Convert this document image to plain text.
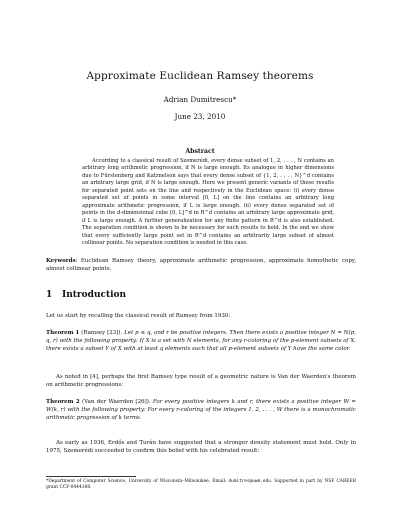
Approximate Euclidean Ramsey theorems
Adrian Dumitrescu*
June 23, 2010
Abstract
According to a classical result of Szemerédi, every dense subset of 1, 2, . . . , N contains an arbitrary long arithmetic progression, if N is large enough. Its analogue in higher dimensions due to Fürstenberg and Katznelson says that every dense subset of {1, 2, . . . , N}^d contains an arbitrary large grid, if N is large enough. Here we present generic variants of these results for separated point sets on the line and respectively in the Euclidean space: (i) every dense separated set of points in some interval [0, L] on the line contains an arbitrary long approximate arithmetic progression, if L is large enough. (ii) every dense separated set of points in the d-dimensional cube [0, L]^d in R^d contains an arbitrary large approximate grid, if L is large enough. A further generalization for any finite pattern in R^d is also established. The separation condition is shown to be necessary for such results to hold. In the end we show that every sufficiently large point set in R^d contains an arbitrarily large subset of almost collinear points. No separation condition is needed in this case.
Keywords: Euclidean Ramsey theory, approximate arithmetic progression, approximate homothetic copy, almost collinear points.
1 Introduction
Let us start by recalling the classical result of Ramsey from 1930:
Theorem 1 (Ramsey [23]). Let p ≤ q, and r be positive integers. Then there exists a positive integer N = N(p, q, r) with the following property: If X is a set with N elements, for any r-coloring of the p-element subsets of X, there exists a subset Y of X with at least q elements such that all p-element subsets of Y have the same color.
As noted in [4], perhaps the first Ramsey type result of a geometric nature is Van der Waerden's theorem on arithmetic progressions:
Theorem 2 (Van der Waerden [26]). For every positive integers k and r, there exists a positive integer W = W(k, r) with the following property: For every r-coloring of the integers 1, 2, . . . , W there is a monochromatic arithmetic progression of k terms.
As early as 1936, Erdős and Turán have suggested that a stronger density statement must hold. Only in 1975, Szemerédi succeeded to confirm this belief with his celebrated result:
*Department of Computer Science, University of Wisconsin–Milwaukee, Email: dumitres@uwm.edu. Supported in part by NSF CAREER grant CCF-0444188.
